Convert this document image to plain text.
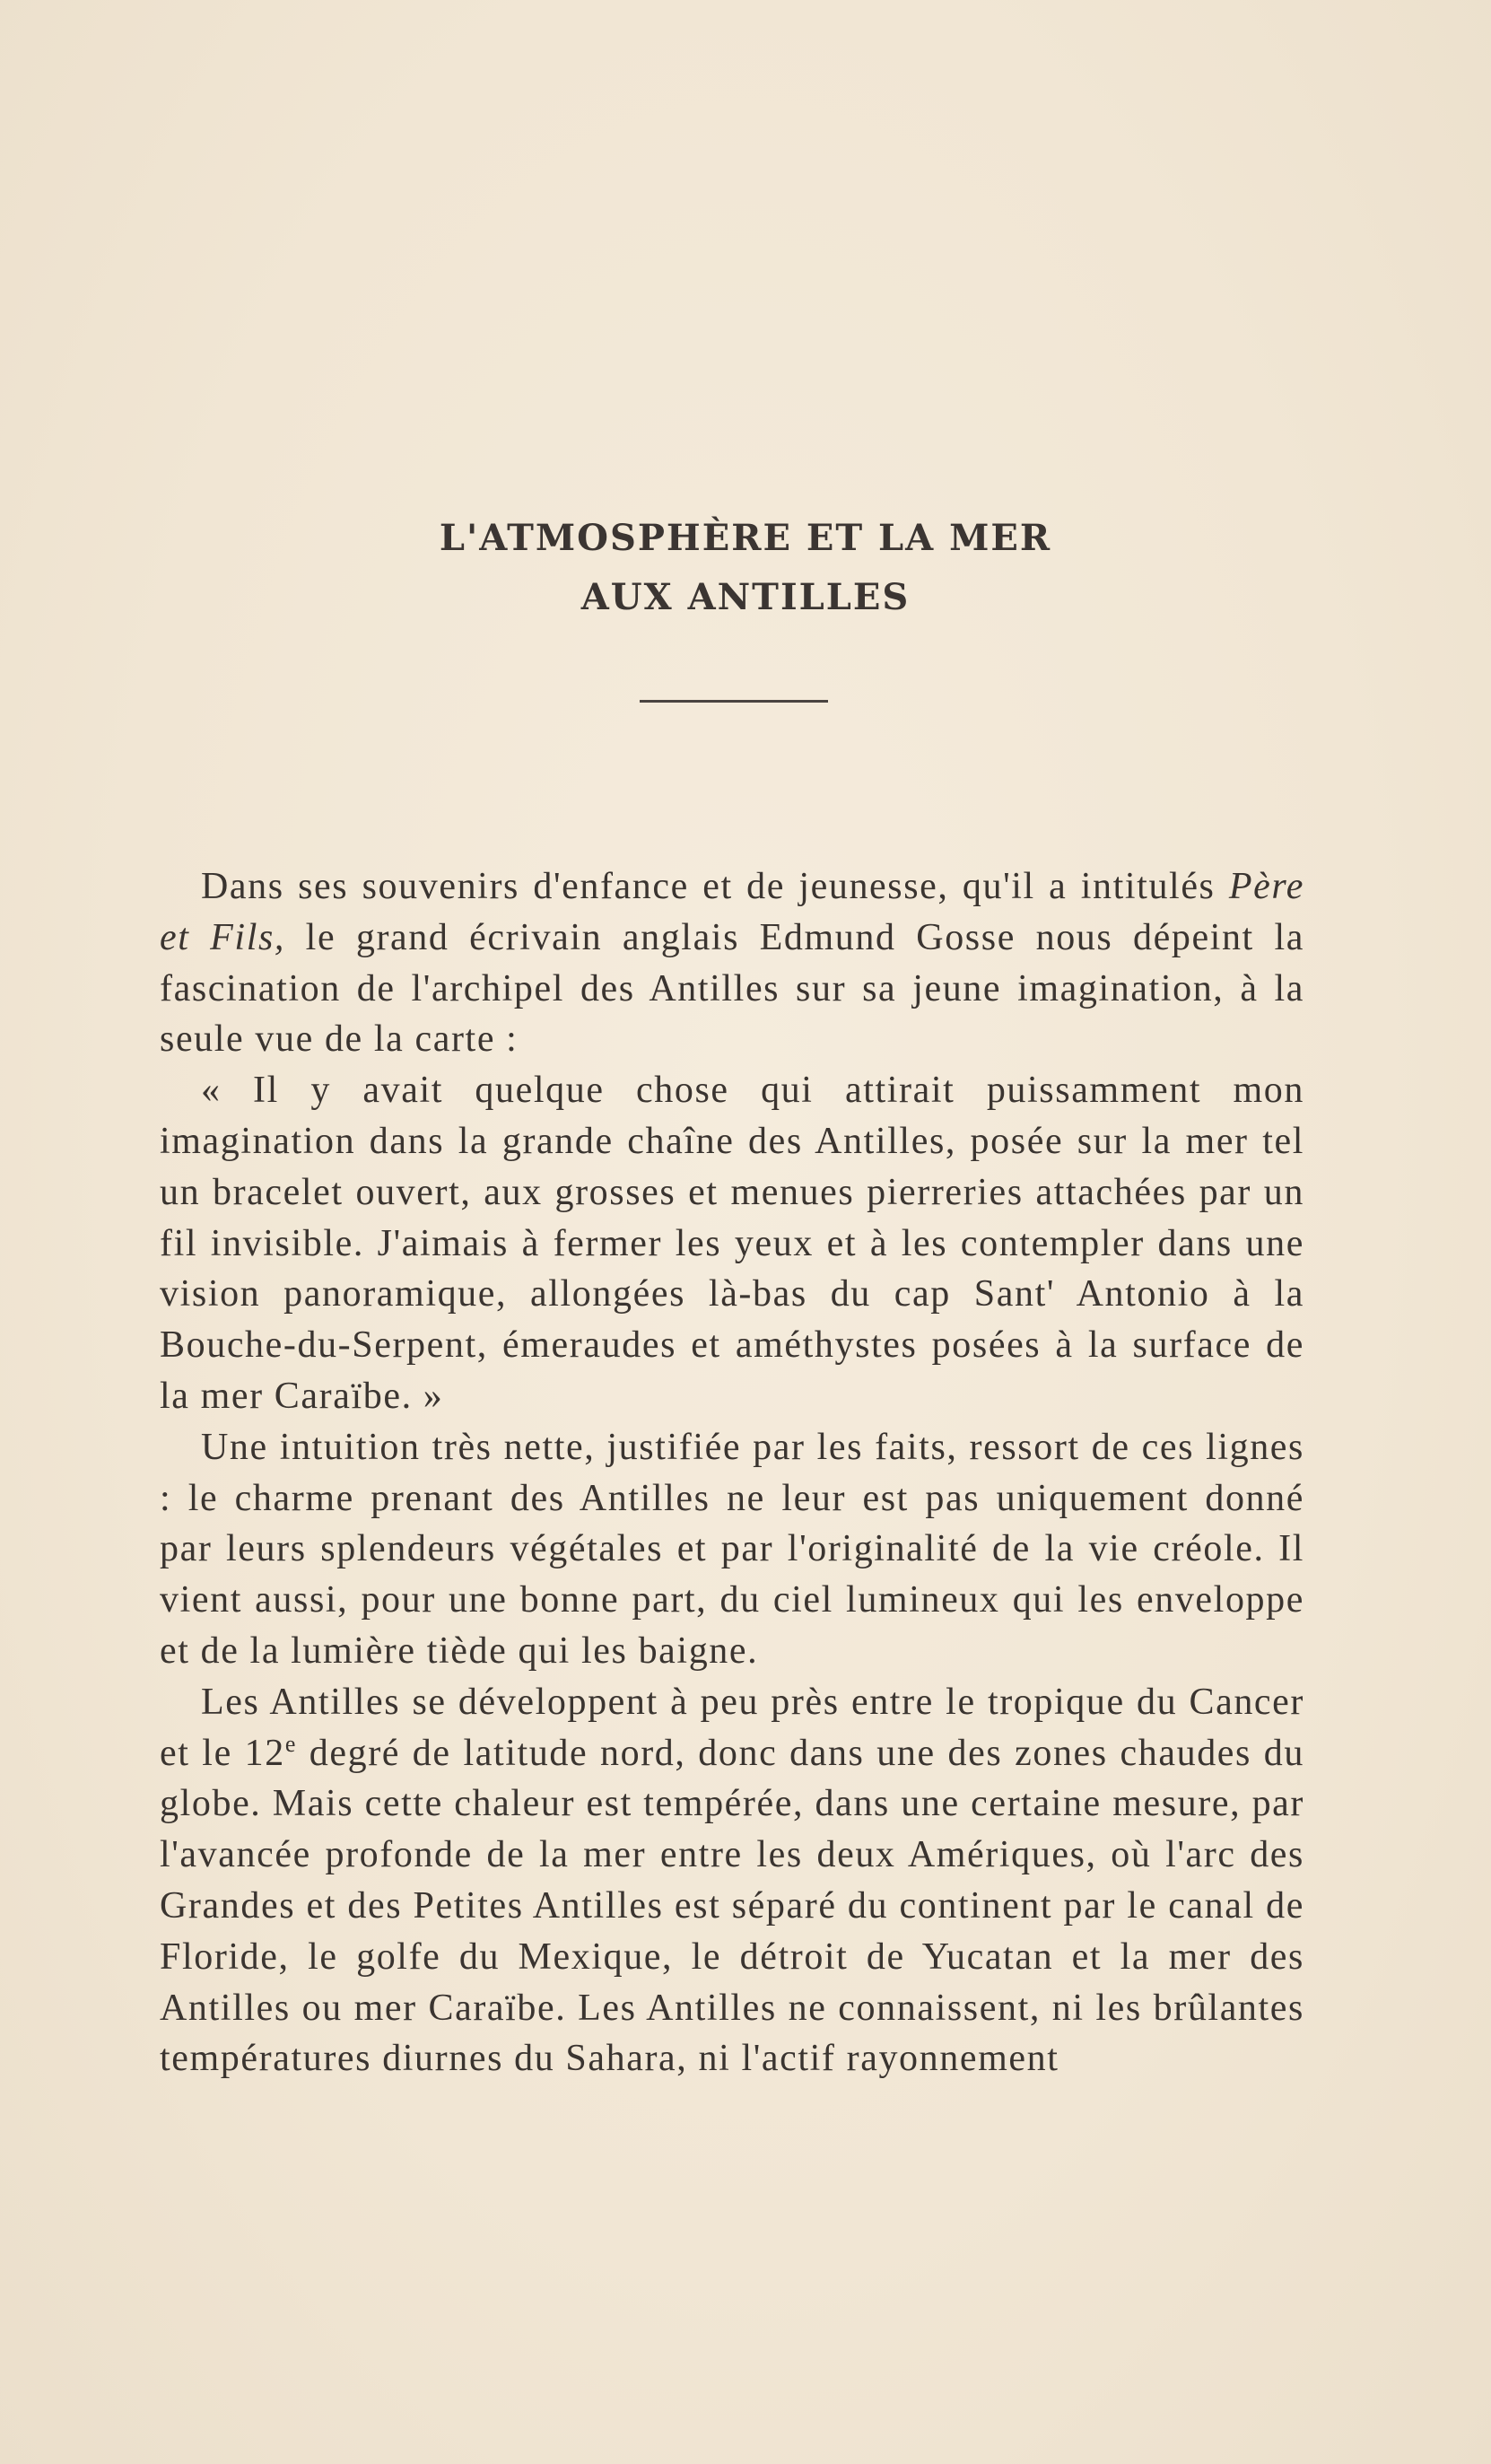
L'ATMOSPHÈRE ET LA MER
AUX ANTILLES

Dans ses souvenirs d'enfance et de jeunesse, qu'il a intitulés Père et Fils, le grand écrivain anglais Edmund Gosse nous dépeint la fascination de l'archipel des Antilles sur sa jeune imagination, à la seule vue de la carte :

« Il y avait quelque chose qui attirait puissamment mon imagination dans la grande chaîne des Antilles, posée sur la mer tel un bracelet ouvert, aux grosses et menues pierreries attachées par un fil invisible. J'aimais à fermer les yeux et à les contempler dans une vision panoramique, allongées là-bas du cap Sant' Antonio à la Bouche-du-Serpent, émeraudes et améthystes posées à la surface de la mer Caraïbe. »

Une intuition très nette, justifiée par les faits, ressort de ces lignes : le charme prenant des Antilles ne leur est pas uniquement donné par leurs splendeurs végétales et par l'originalité de la vie créole. Il vient aussi, pour une bonne part, du ciel lumineux qui les enveloppe et de la lumière tiède qui les baigne.

Les Antilles se développent à peu près entre le tropique du Cancer et le 12e degré de latitude nord, donc dans une des zones chaudes du globe. Mais cette chaleur est tempérée, dans une certaine mesure, par l'avancée profonde de la mer entre les deux Amériques, où l'arc des Grandes et des Petites Antilles est séparé du continent par le canal de Floride, le golfe du Mexique, le détroit de Yucatan et la mer des Antilles ou mer Caraïbe. Les Antilles ne connaissent, ni les brûlantes températures diurnes du Sahara, ni l'actif rayonnement
